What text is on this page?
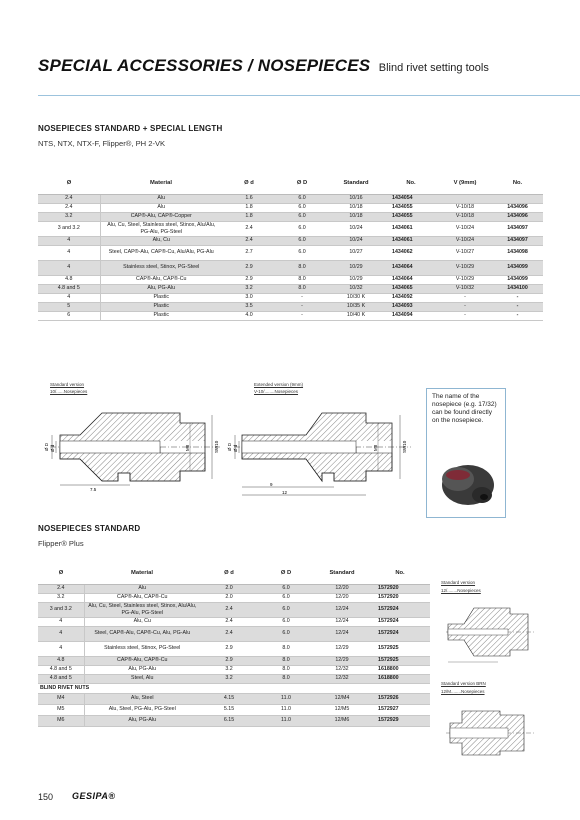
SPECIAL ACCESSORIES / NOSEPIECES Blind rivet setting tools
NOSEPIECES STANDARD + SPECIAL LENGTH
NTS, NTX, NTX-F, Flipper®, PH 2-VK
Ø	Material	Ø d	Ø D	Standard	No.	V (9mm)	No.
2.4	Alu	1.6	6.0	10/16	1434054		
2.4	Alu	1.8	6.0	10/18	1434055	V-10/18	1434096
3.2	CAP®-Alu, CAP®-Copper	1.8	6.0	10/18	1434055	V-10/18	1434096
3 and 3.2	Alu, Cu, Steel, Stainless steel, Stinox, Alu/Alu, PG-Alu, PG-Steel	2.4	6.0	10/24	1434061	V-10/24	1434097
4	Alu, Cu	2.4	6.0	10/24	1434061	V-10/24	1434097
4	Steel, CAP®-Alu, CAP®-Cu, Alu/Alu, PG-Alu	2.7	6.0	10/27	1434062	V-10/27	1434098
4	Stainless steel, Stinox, PG-Steel	2.9	8.0	10/29	1434064	V-10/29	1434099
4.8	CAP®-Alu, CAP®-Cu	2.9	8.0	10/29	1434064	V-10/29	1434099
4.8 and 5	Alu, PG-Alu	3.2	8.0	10/32	1434065	V-10/32	1434100
4	Plastic	3.0	-	10/30 K	1434092	-	-
5	Plastic	3.5	-	10/35 K	1434093	-	-
6	Plastic	4.0	-	10/40 K	1434094	-	-
Standard version
10/......Nosepieces
Extended version (9mm)
V-10/........Nosepieces
Ø D Ø d	M8	SW10
7.5
Ø D Ø d	M8	SW10
9
12

The name of the nosepiece (e.g. 17/32) can be found directly on the nosepiece.

NOSEPIECES STANDARD
Flipper® Plus
Ø	Material	Ø d	Ø D	Standard	No.
2.4	Alu	2.0	6.0	12/20	1572920
3.2	CAP®-Alu, CAP®-Cu	2.0	6.0	12/20	1572920
3 and 3.2	Alu, Cu, Steel, Stainless steel, Stinox, Alu/Alu, PG-Alu, PG-Steel	2.4	6.0	12/24	1572924
4	Alu, Cu	2.4	6.0	12/24	1572924
4	Steel, CAP®-Alu, CAP®-Cu, Alu, PG-Alu	2.4	6.0	12/24	1572924
4	Stainless steel, Stinox, PG-Steel	2.9	8.0	12/29	1572925
4.8	CAP®-Alu, CAP®-Cu	2.9	8.0	12/29	1572925
4.8 and 5	Alu, PG-Alu	3.2	8.0	12/32	1618800
4.8 and 5	Steel, Alu	3.2	8.0	12/32	1618800
BLIND RIVET NUTS					
M4	Alu, Steel	4.15	11.0	12/M4	1572926
M5	Alu, Steel, PG-Alu, PG-Steel	5.15	11.0	12/M5	1572927
M6	Alu, PG-Alu	6.15	11.0	12/M6	1572929
Standard version
12/........Nosepieces
Standard version BRN
12/M........Nosepieces
150 GESIPA®
